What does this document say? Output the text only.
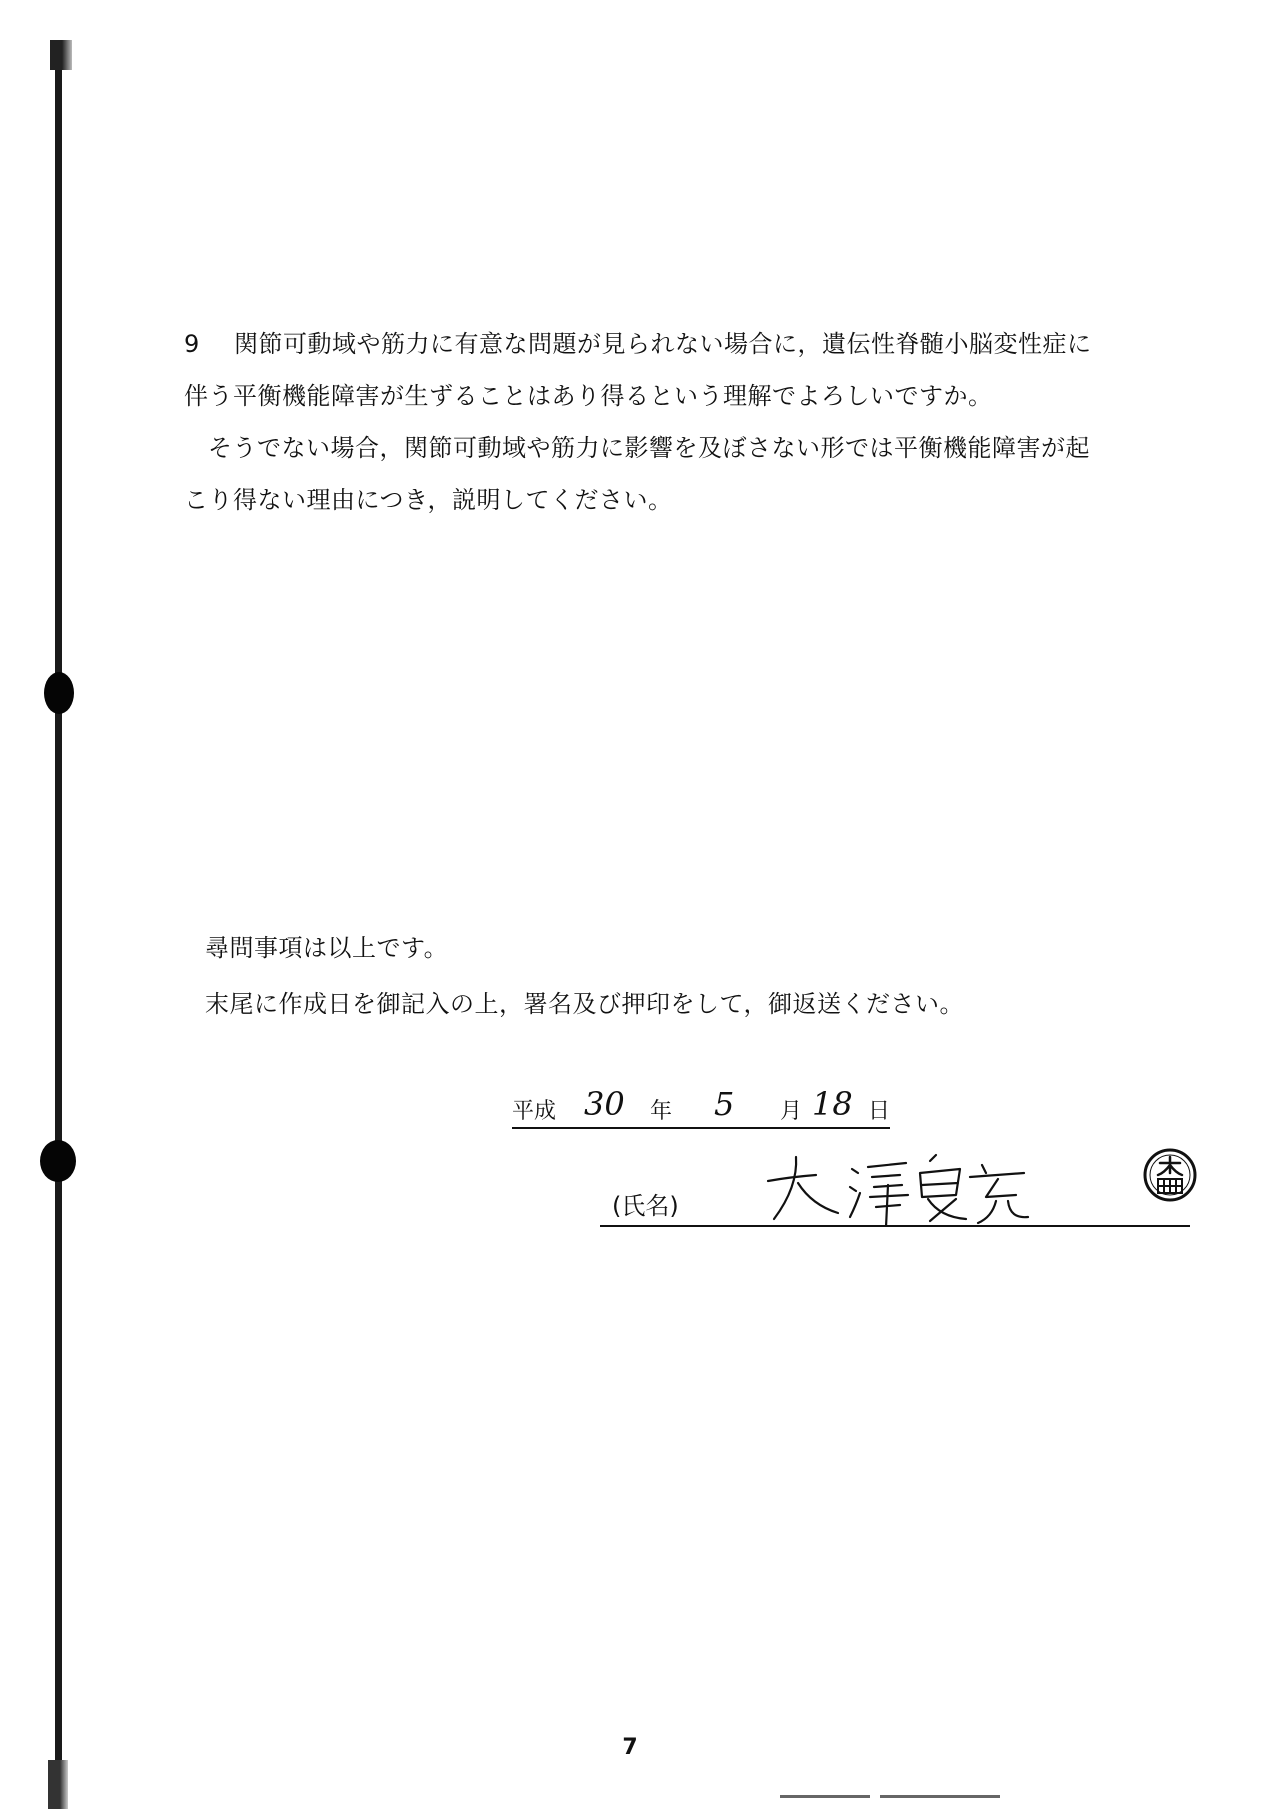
9 関節可動域や筋力に有意な問題が見られない場合に，遺伝性脊髄小脳変性症に
伴う平衡機能障害が生ずることはあり得るという理解でよろしいですか。
そうでない場合，関節可動域や筋力に影響を及ぼさない形では平衡機能障害が起
こり得ない理由につき，説明してください。
尋問事項は以上です。
末尾に作成日を御記入の上，署名及び押印をして，御返送ください。
平成 30 年 5 月 18 日
(氏名)
7
